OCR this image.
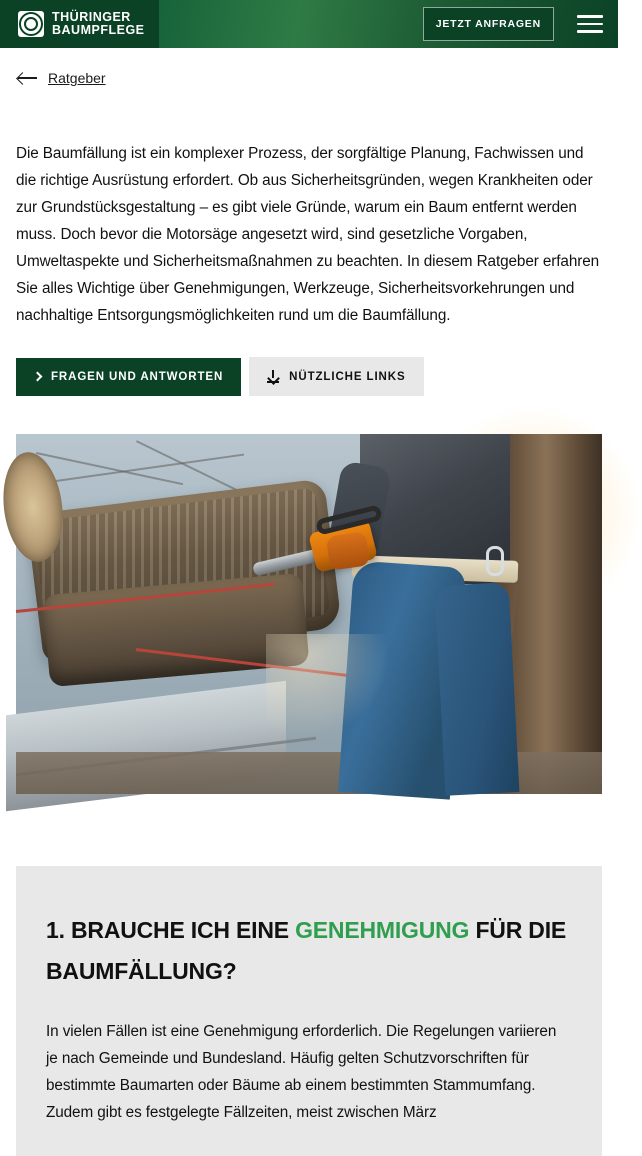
THÜRINGER
BAUMPFLEGE	JETZT ANFRAGEN
Ratgeber

Die Baumfällung ist ein komplexer Prozess, der sorgfältige Planung, Fachwissen und die richtige Ausrüstung erfordert. Ob aus Sicherheitsgründen, wegen Krankheiten oder zur Grundstücksgestaltung – es gibt viele Gründe, warum ein Baum entfernt werden muss. Doch bevor die Motorsäge angesetzt wird, sind gesetzliche Vorgaben, Umweltaspekte und Sicherheitsmaßnahmen zu beachten. In diesem Ratgeber erfahren Sie alles Wichtige über Genehmigungen, Werkzeuge, Sicherheitsvorkehrungen und nachhaltige Entsorgungsmöglichkeiten rund um die Baumfällung.

FRAGEN UND ANTWORTEN	NÜTZLICHE LINKS
1. BRAUCHE ICH EINE GENEHMIGUNG FÜR DIE BAUMFÄLLUNG?
In vielen Fällen ist eine Genehmigung erforderlich. Die Regelungen variieren je nach Gemeinde und Bundesland. Häufig gelten Schutzvorschriften für bestimmte Baumarten oder Bäume ab einem bestimmten Stammumfang. Zudem gibt es festgelegte Fällzeiten, meist zwischen März
